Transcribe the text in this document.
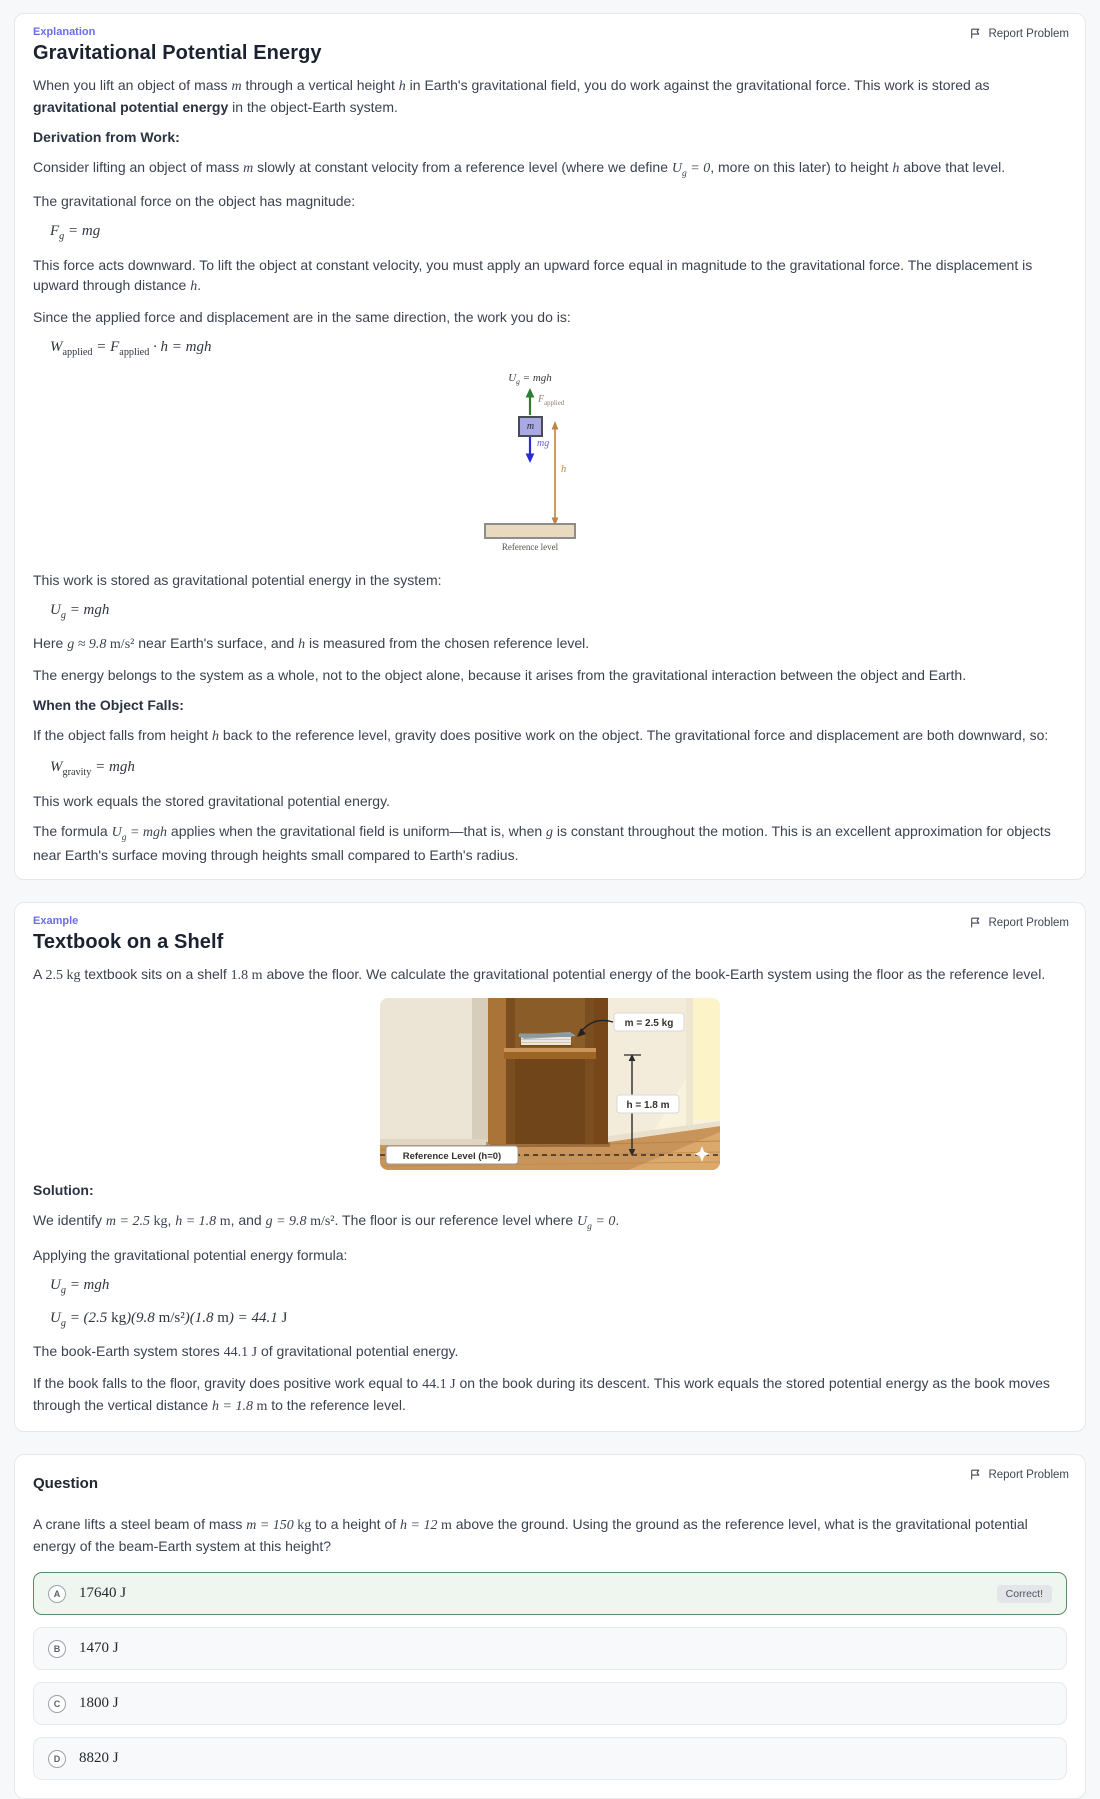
Report Problem
Explanation
Gravitational Potential Energy

When you lift an object of mass m through a vertical height h in Earth's gravitational field, you do work against the gravitational force. This work is stored as gravitational potential energy in the object-Earth system.

Derivation from Work:

Consider lifting an object of mass m slowly at constant velocity from a reference level (where we define $U_g = 0$, more on this later) to height h above that level.

The gravitational force on the object has magnitude:

$F_g$ = mg

This force acts downward. To lift the object at constant velocity, you must apply an upward force equal in magnitude to the gravitational force. The displacement is upward through distance h.

Since the applied force and displacement are in the same direction, the work you do is:

$W_{applied} = F_{applied} \cdot h$ = mgh
$U_g$ = mgh
$F_{applied}$
m
mg
h
Reference level

This work is stored as gravitational potential energy in the system:

$U_g$ = mgh

Here g ≈ 9.8 m/s² near Earth's surface, and h is measured from the chosen reference level.

The energy belongs to the system as a whole, not to the object alone, because it arises from the gravitational interaction between the object and Earth.

When the Object Falls:

If the object falls from height h back to the reference level, gravity does positive work on the object. The gravitational force and displacement are both downward, so:

$W_{gravity}$ = mgh

This work equals the stored gravitational potential energy.

The formula $U_g$ = mgh applies when the gravitational field is uniform—that is, when g is constant throughout the motion. This is an excellent approximation for objects near Earth's surface moving through heights small compared to Earth's radius.

Report Problem
Example
Textbook on a Shelf

A 2.5 kg textbook sits on a shelf 1.8 m above the floor. We calculate the gravitational potential energy of the book-Earth system using the floor as the reference level.

m = 2.5 kg
h = 1.8 m
Reference Level (h=0)

Solution:

We identify m = 2.5 kg, h = 1.8 m, and g = 9.8 m/s². The floor is our reference level where $U_g = 0$.

Applying the gravitational potential energy formula:

$U_g$ = mgh
$U_g = (2.5$ kg)(9.8 m/s²)(1.8 m) = 44.1 J

The book-Earth system stores 44.1 J of gravitational potential energy.

If the book falls to the floor, gravity does positive work equal to 44.1 J on the book during its descent. This work equals the stored potential energy as the book moves through the vertical distance h = 1.8 m to the reference level.

Report Problem
Question

A crane lifts a steel beam of mass m = 150 kg to a height of h = 12 m above the ground. Using the ground as the reference level, what is the gravitational potential energy of the beam-Earth system at this height?

A	17640 J	Correct!
B	1470 J
C	1800 J
D	8820 J
